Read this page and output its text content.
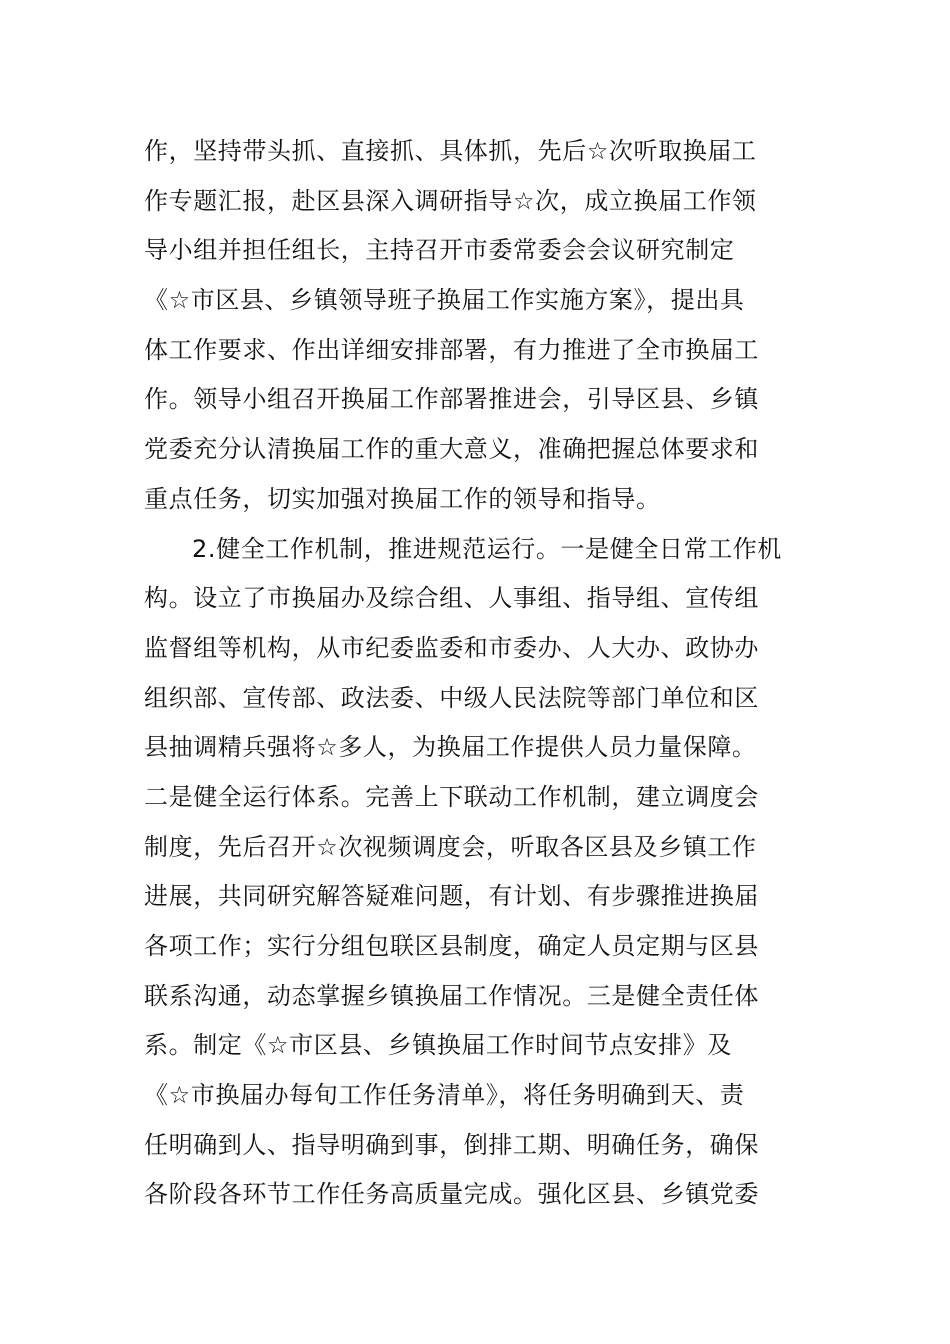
作，坚持带头抓、直接抓、具体抓，先后☆次听取换届工
作专题汇报，赴区县深入调研指导☆次，成立换届工作领
导小组并担任组长，主持召开市委常委会会议研究制定
《☆市区县、乡镇领导班子换届工作实施方案》，提出具
体工作要求、作出详细安排部署，有力推进了全市换届工
作。领导小组召开换届工作部署推进会，引导区县、乡镇
党委充分认清换届工作的重大意义，准确把握总体要求和
重点任务，切实加强对换届工作的领导和指导。
2.健全工作机制，推进规范运行。一是健全日常工作机
构。设立了市换届办及综合组、人事组、指导组、宣传组
监督组等机构，从市纪委监委和市委办、人大办、政协办
组织部、宣传部、政法委、中级人民法院等部门单位和区
县抽调精兵强将☆多人，为换届工作提供人员力量保障。
二是健全运行体系。完善上下联动工作机制，建立调度会
制度，先后召开☆次视频调度会，听取各区县及乡镇工作
进展，共同研究解答疑难问题，有计划、有步骤推进换届
各项工作；实行分组包联区县制度，确定人员定期与区县
联系沟通，动态掌握乡镇换届工作情况。三是健全责任体
系。制定《☆市区县、乡镇换届工作时间节点安排》及
《☆市换届办每旬工作任务清单》，将任务明确到天、责
任明确到人、指导明确到事，倒排工期、明确任务，确保
各阶段各环节工作任务高质量完成。强化区县、乡镇党委
